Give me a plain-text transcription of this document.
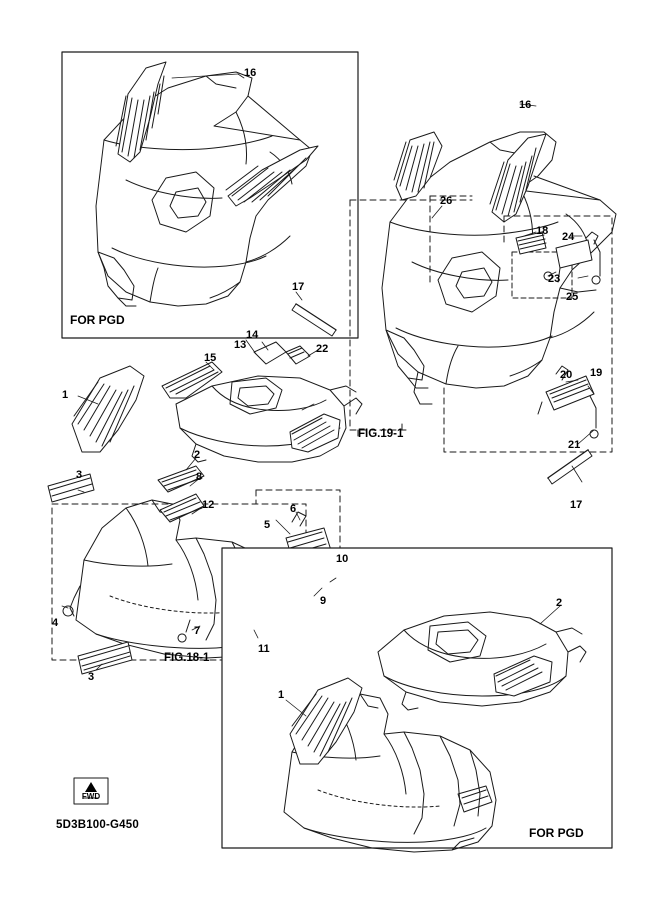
FOR PGD
FOR PGD
FIG.19-1
FIG.18-1
5D3B100-G450
FWD
16
16
26
18 24
23
25
17
17
14
13	22
15
20 19
21
1
1
2
2
3
3
8
12
5
6
10
9
4
7
11
